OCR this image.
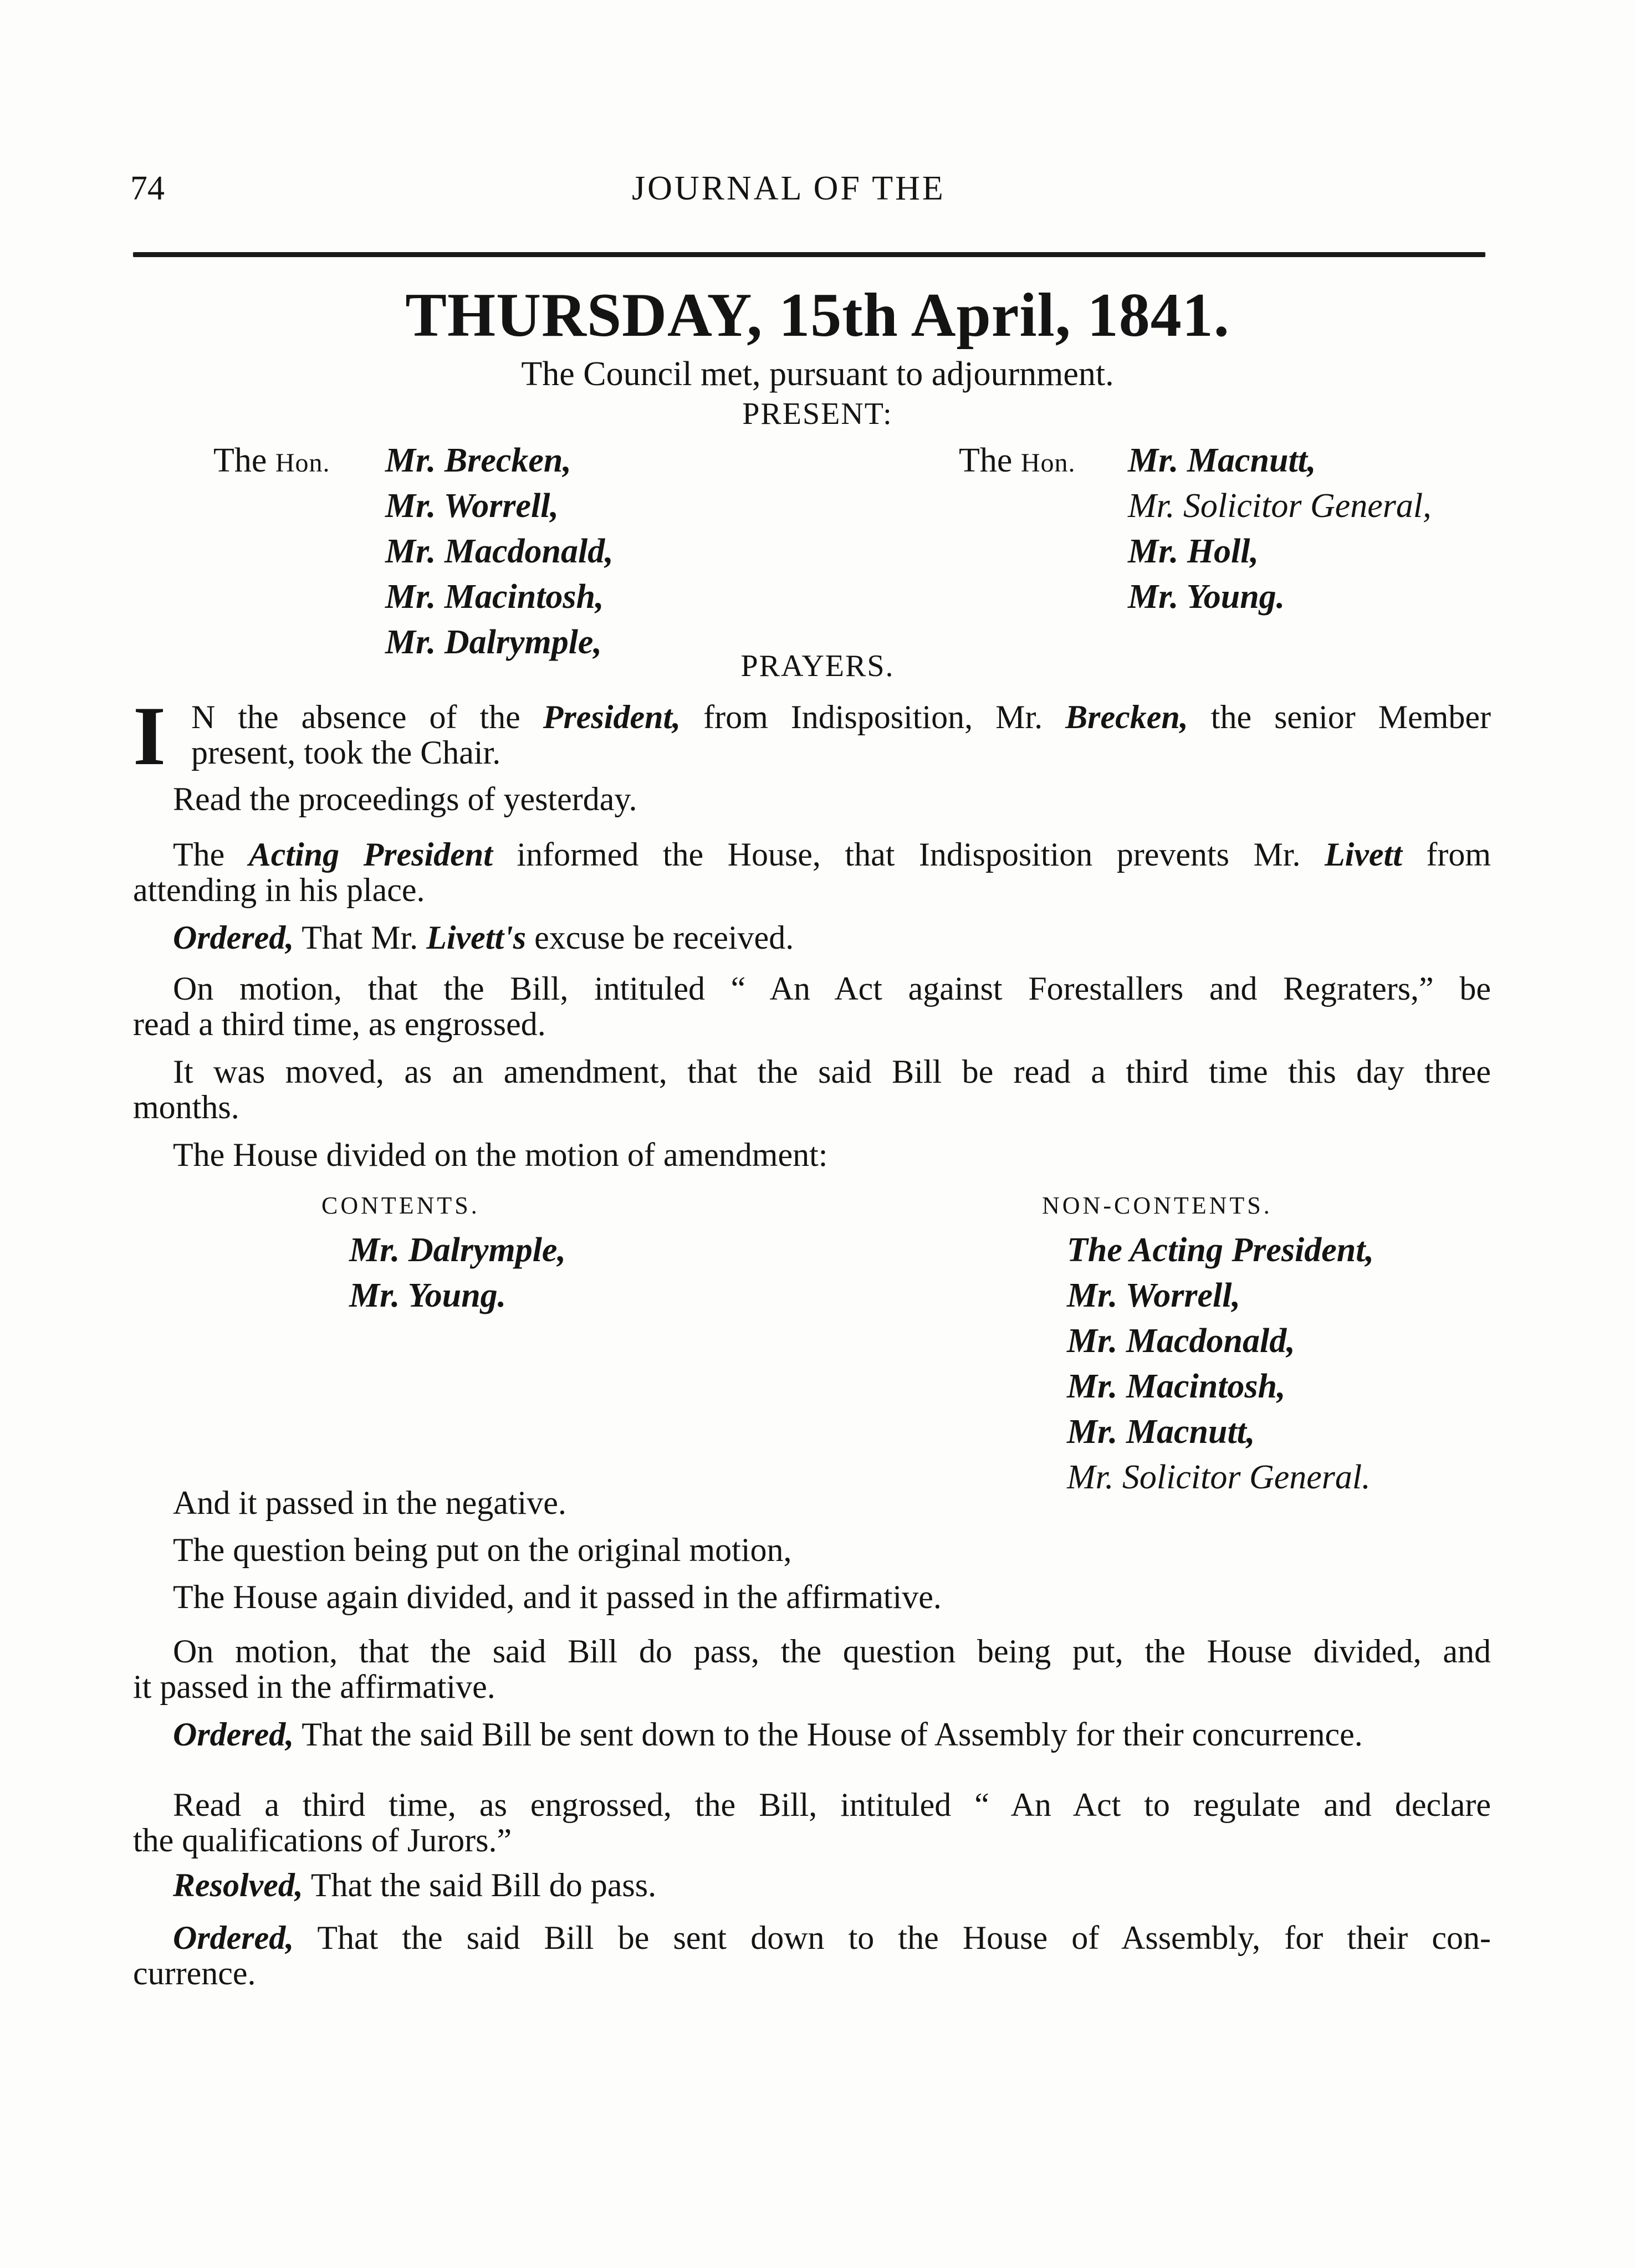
74	JOURNAL OF THE
THURSDAY, 15th April, 1841.
The Council met, pursuant to adjournment.
PRESENT:
The Hon. Mr. Brecken,
Mr. Worrell,
Mr. Macdonald,
Mr. Macintosh,
Mr. Dalrymple,
The Hon. Mr. Macnutt,
Mr. Solicitor General,
Mr. Holl,
Mr. Young.
PRAYERS.
I N the absence of the President, from Indisposition, Mr. Brecken, the senior Member
present, took the Chair.
Read the proceedings of yesterday.
The Acting President informed the House, that Indisposition prevents Mr. Livett from
attending in his place.
Ordered, That Mr. Livett's excuse be received.
On motion, that the Bill, intituled “ An Act against Forestallers and Regraters,” be
read a third time, as engrossed.
It was moved, as an amendment, that the said Bill be read a third time this day three
months.
The House divided on the motion of amendment:
CONTENTS.
Mr. Dalrymple,
Mr. Young.
NON-CONTENTS.
The Acting President,
Mr. Worrell,
Mr. Macdonald,
Mr. Macintosh,
Mr. Macnutt,
Mr. Solicitor General.
And it passed in the negative.
The question being put on the original motion,
The House again divided, and it passed in the affirmative.
On motion, that the said Bill do pass, the question being put, the House divided, and
it passed in the affirmative.
Ordered, That the said Bill be sent down to the House of Assembly for their concurrence.
Read a third time, as engrossed, the Bill, intituled “ An Act to regulate and declare
the qualifications of Jurors.”
Resolved, That the said Bill do pass.
Ordered, That the said Bill be sent down to the House of Assembly, for their con-
currence.
